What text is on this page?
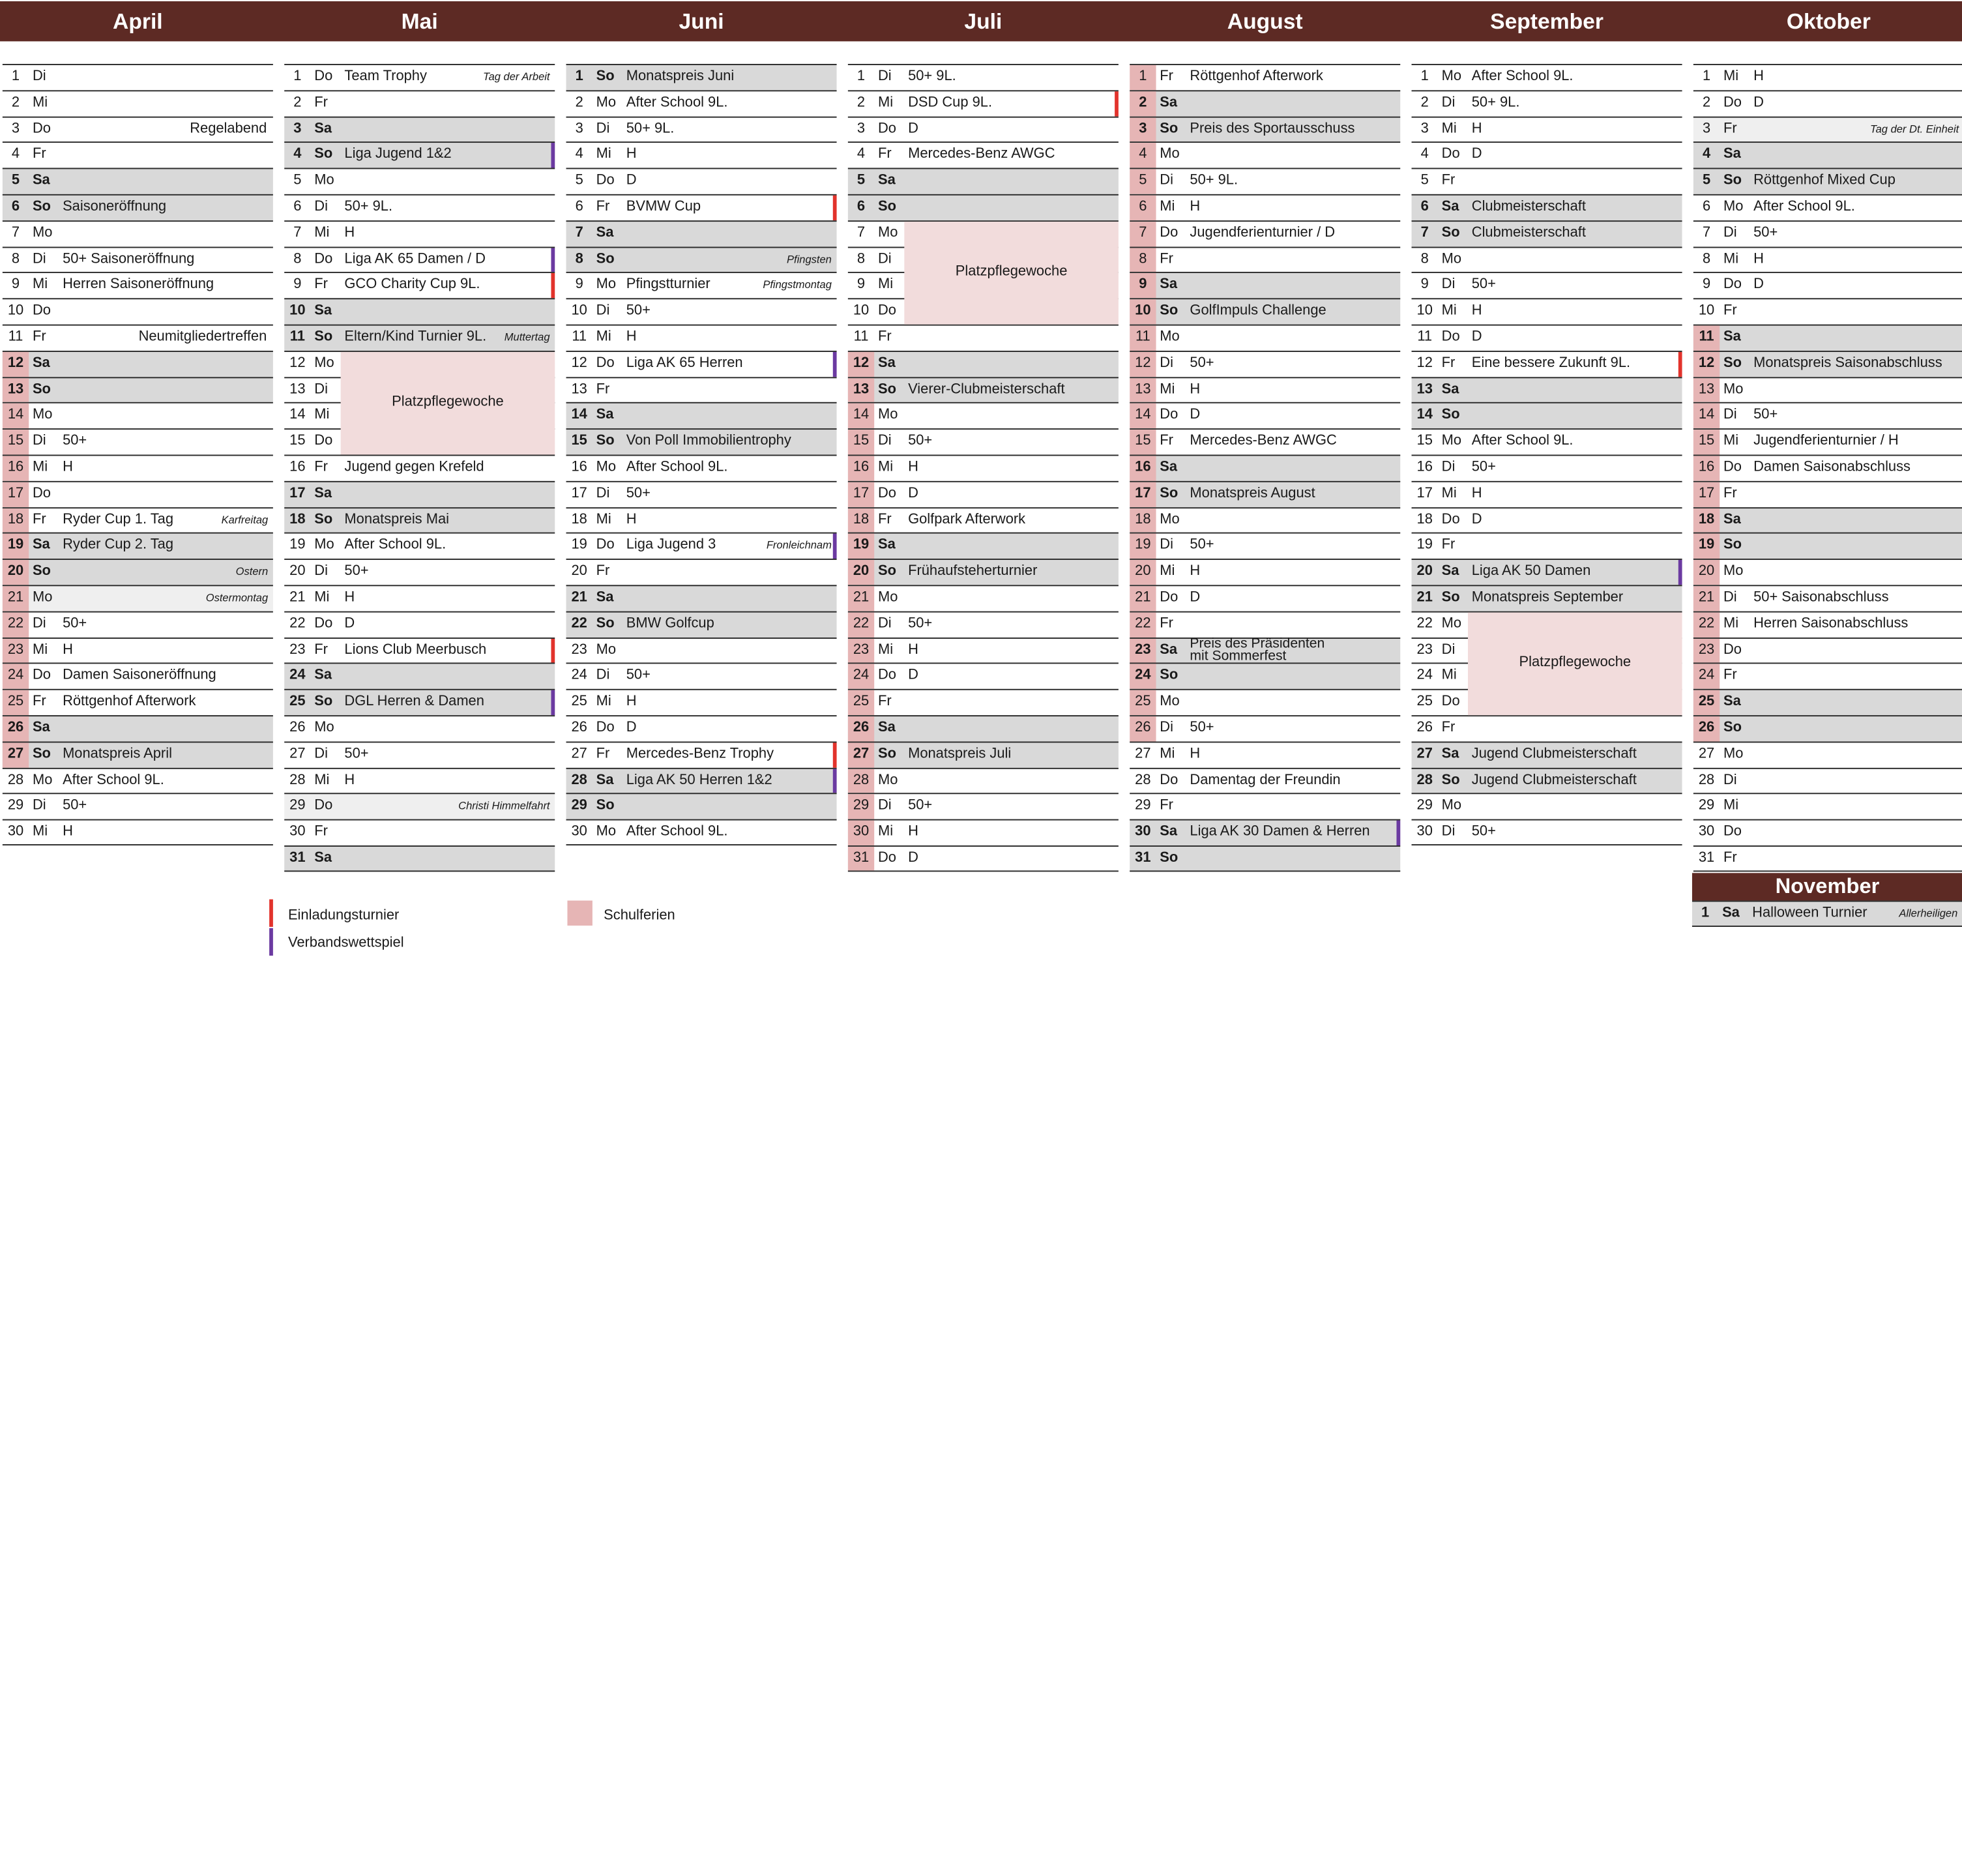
April	Mai	Juni	Juli	August	September	Oktober
1	Di
2	Mi
3	Do	Regelabend
4	Fr
5	Sa
6	So Saisoneröffnung
7	Mo
8	Di 50+ Saisoneröffnung
9	Mi Herren Saisoneröffnung
10	Do
11	Fr	Neumitgliedertreffen
12	Sa
13	So
14	Mo
15	Di 50+
16	Mi H
17	Do
18	Fr Ryder Cup 1. Tag	Karfreitag
19	Sa Ryder Cup 2. Tag
20	So	Ostern
21	Mo	Ostermontag
22	Di 50+
23	Mi H
24	Do Damen Saisoneröffnung
25	Fr Röttgenhof Afterwork
26	Sa
27	So Monatspreis April
28	Mo After School 9L.
29	Di 50+
30	Mi H
1	Do Team Trophy	Tag der Arbeit
2	Fr
3	Sa
4	So Liga Jugend 1&2
5	Mo
6	Di 50+ 9L.
7	Mi H
8	Do Liga AK 65 Damen / D
9	Fr GCO Charity Cup 9L.
10	Sa
11	So Eltern/Kind Turnier 9L.	Muttertag
12	Mo
13	Di
14	Mi
15	Do
16	Fr Jugend gegen Krefeld
17	Sa
18	So Monatspreis Mai
19	Mo After School 9L.
20	Di 50+
21	Mi H
22	Do D
23	Fr Lions Club Meerbusch
24	Sa
25	So DGL Herren & Damen
26	Mo
27	Di 50+
28	Mi H
29	Do	Christi Himmelfahrt
30	Fr
31	Sa
Platzpflegewoche
1	So Monatspreis Juni
2	Mo After School 9L.
3	Di 50+ 9L.
4	Mi H
5	Do D
6	Fr BVMW Cup
7	Sa
8	So	Pfingsten
9	Mo Pfingstturnier	Pfingstmontag
10	Di 50+
11	Mi H
12	Do Liga AK 65 Herren
13	Fr
14	Sa
15	So Von Poll Immobilientrophy
16	Mo After School 9L.
17	Di 50+
18	Mi H
19	Do Liga Jugend 3	Fronleichnam
20	Fr
21	Sa
22	So BMW Golfcup
23	Mo
24	Di 50+
25	Mi H
26	Do D
27	Fr Mercedes-Benz Trophy
28	Sa Liga AK 50 Herren 1&2
29	So
30	Mo After School 9L.
1	Di 50+ 9L.
2	Mi DSD Cup 9L.
3	Do D
4	Fr Mercedes-Benz AWGC
5	Sa
6	So
7	Mo
8	Di
9	Mi
10	Do
11	Fr
12	Sa
13	So Vierer-Clubmeisterschaft
14	Mo
15	Di 50+
16	Mi H
17	Do D
18	Fr Golfpark Afterwork
19	Sa
20	So Frühaufsteherturnier
21	Mo
22	Di 50+
23	Mi H
24	Do D
25	Fr
26	Sa
27	So Monatspreis Juli
28	Mo
29	Di 50+
30	Mi H
31	Do D
Platzpflegewoche
1	Fr Röttgenhof Afterwork
2	Sa
3	So Preis des Sportausschuss
4	Mo
5	Di 50+ 9L.
6	Mi H
7	Do Jugendferienturnier / D
8	Fr
9	Sa
10	So GolfImpuls Challenge
11	Mo
12	Di 50+
13	Mi H
14	Do D
15	Fr Mercedes-Benz AWGC
16	Sa
17	So Monatspreis August
18	Mo
19	Di 50+
20	Mi H
21	Do D
22	Fr
23	Sa Preis des Präsidenten
mit Sommerfest
24	So
25	Mo
26	Di 50+
27	Mi H
28	Do Damentag der Freundin
29	Fr
30	Sa Liga AK 30 Damen & Herren
31	So
1	Mo After School 9L.
2	Di 50+ 9L.
3	Mi H
4	Do D
5	Fr
6	Sa Clubmeisterschaft
7	So Clubmeisterschaft
8	Mo
9	Di 50+
10	Mi H
11	Do D
12	Fr Eine bessere Zukunft 9L.
13	Sa
14	So
15	Mo After School 9L.
16	Di 50+
17	Mi H
18	Do D
19	Fr
20	Sa Liga AK 50 Damen
21	So Monatspreis September
22	Mo
23	Di
24	Mi
25	Do
26	Fr
27	Sa Jugend Clubmeisterschaft
28	So Jugend Clubmeisterschaft
29	Mo
30	Di 50+
Platzpflegewoche
1	Mi H
2	Do D
3	Fr	Tag der Dt. Einheit
4	Sa
5	So Röttgenhof Mixed Cup
6	Mo After School 9L.
7	Di 50+
8	Mi H
9	Do D
10	Fr
11	Sa
12	So Monatspreis Saisonabschluss
13	Mo
14	Di 50+
15	Mi Jugendferienturnier / H
16	Do Damen Saisonabschluss
17	Fr
18	Sa
19	So
20	Mo
21	Di 50+ Saisonabschluss
22	Mi Herren Saisonabschluss
23	Do
24	Fr
25	Sa
26	So
27	Mo
28	Di
29	Mi
30	Do
31	Fr
November
1	Sa Halloween Turnier	Allerheiligen
Einladungsturnier
Verbandswettspiel
Schulferien
